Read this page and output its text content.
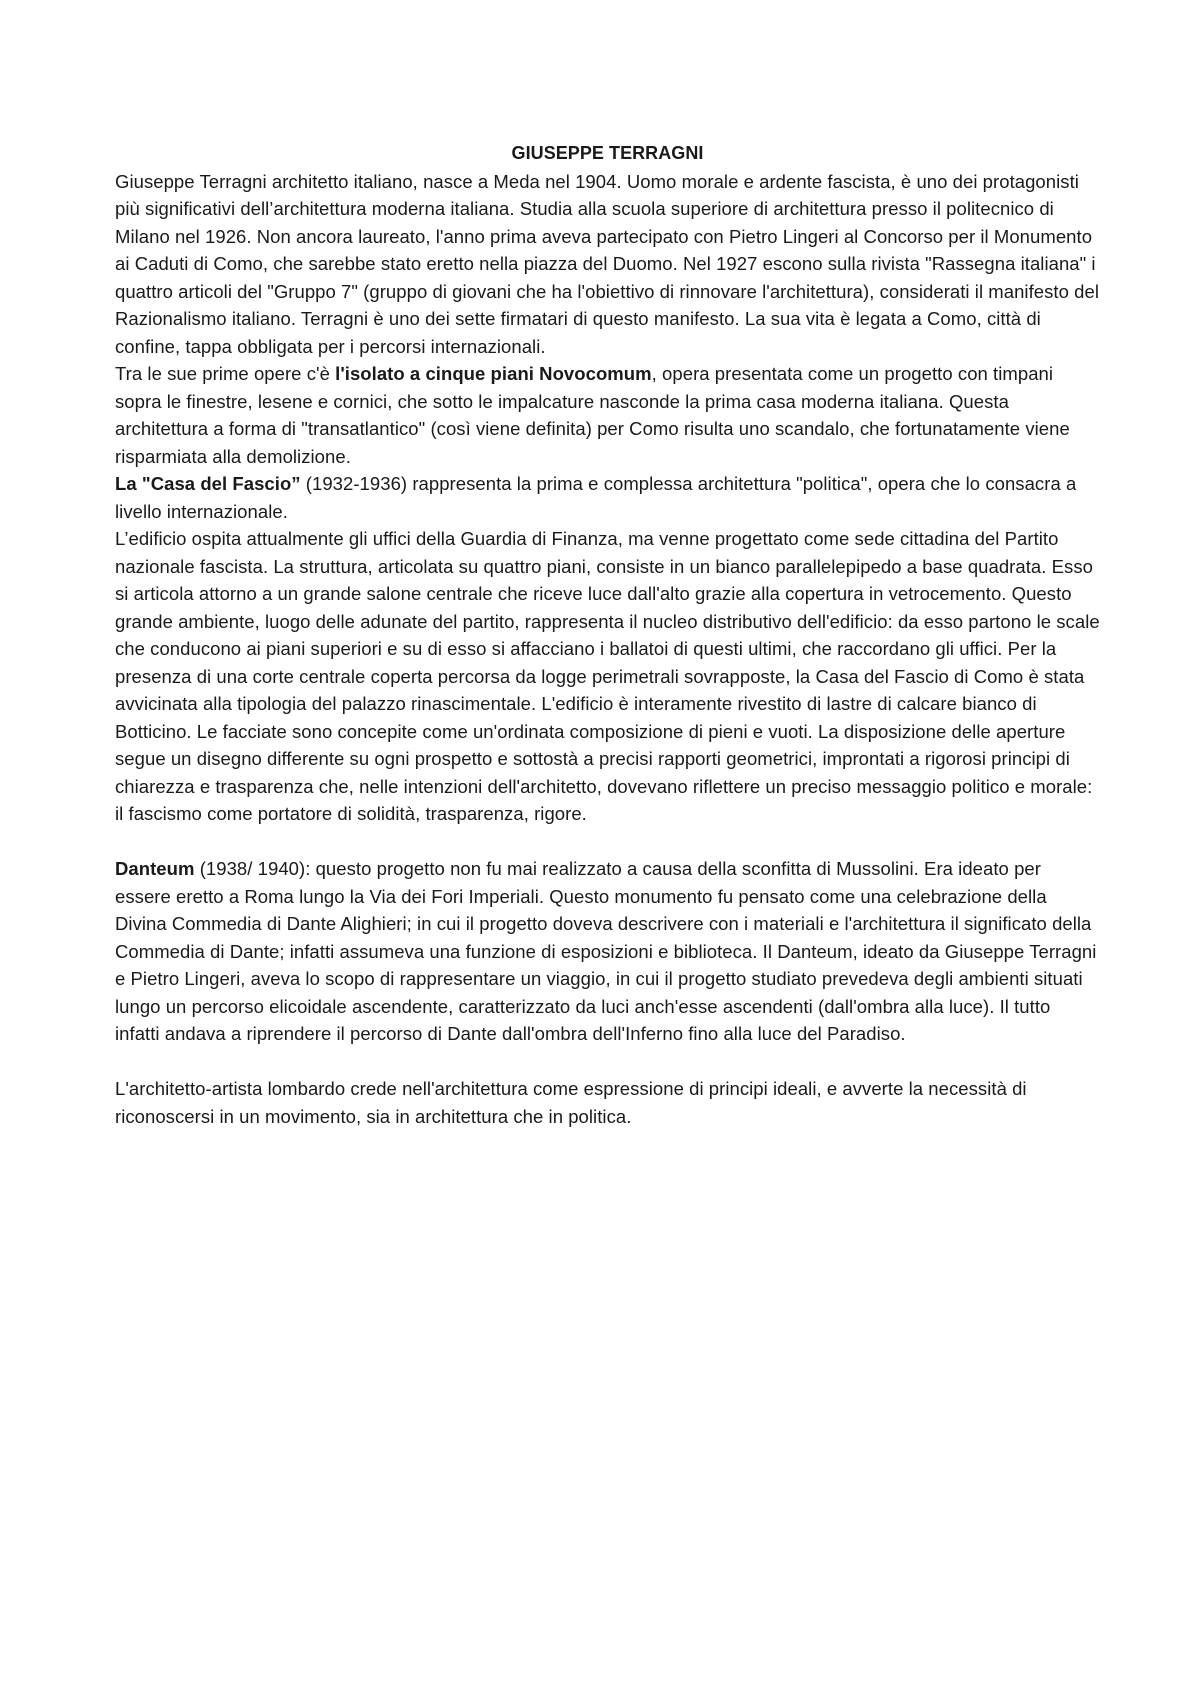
GIUSEPPE TERRAGNI

Giuseppe Terragni architetto italiano, nasce a Meda nel 1904. Uomo morale e ardente fascista, è uno dei protagonisti più significativi dell’architettura moderna italiana. Studia alla scuola superiore di architettura presso il politecnico di Milano nel 1926. Non ancora laureato, l'anno prima aveva partecipato con Pietro Lingeri al Concorso per il Monumento ai Caduti di Como, che sarebbe stato eretto nella piazza del Duomo. Nel 1927 escono sulla rivista "Rassegna italiana" i quattro articoli del "Gruppo 7" (gruppo di giovani che ha l'obiettivo di rinnovare l'architettura), considerati il manifesto del Razionalismo italiano. Terragni è uno dei sette firmatari di questo manifesto. La sua vita è legata a Como, città di confine, tappa obbligata per i percorsi internazionali.

Tra le sue prime opere c'è l'isolato a cinque piani Novocomum, opera presentata come un progetto con timpani sopra le finestre, lesene e cornici, che sotto le impalcature nasconde la prima casa moderna italiana. Questa architettura a forma di "transatlantico" (così viene definita) per Como risulta uno scandalo, che fortunatamente viene risparmiata alla demolizione.

La "Casa del Fascio” (1932-1936) rappresenta la prima e complessa architettura "politica", opera che lo consacra a livello internazionale.

L’edificio ospita attualmente gli uffici della Guardia di Finanza, ma venne progettato come sede cittadina del Partito nazionale fascista. La struttura, articolata su quattro piani, consiste in un bianco parallelepipedo a base quadrata. Esso si articola attorno a un grande salone centrale che riceve luce dall'alto grazie alla copertura in vetrocemento. Questo grande ambiente, luogo delle adunate del partito, rappresenta il nucleo distributivo dell'edificio: da esso partono le scale che conducono ai piani superiori e su di esso si affacciano i ballatoi di questi ultimi, che raccordano gli uffici. Per la presenza di una corte centrale coperta percorsa da logge perimetrali sovrapposte, la Casa del Fascio di Como è stata avvicinata alla tipologia del palazzo rinascimentale. L'edificio è interamente rivestito di lastre di calcare bianco di Botticino. Le facciate sono concepite come un'ordinata composizione di pieni e vuoti. La disposizione delle aperture segue un disegno differente su ogni prospetto e sottostà a precisi rapporti geometrici, improntati a rigorosi principi di chiarezza e trasparenza che, nelle intenzioni dell'architetto, dovevano riflettere un preciso messaggio politico e morale: il fascismo come portatore di solidità, trasparenza, rigore.

Danteum (1938/ 1940): questo progetto non fu mai realizzato a causa della sconfitta di Mussolini. Era ideato per essere eretto a Roma lungo la Via dei Fori Imperiali. Questo monumento fu pensato come una celebrazione della Divina Commedia di Dante Alighieri; in cui il progetto doveva descrivere con i materiali e l'architettura il significato della Commedia di Dante; infatti assumeva una funzione di esposizioni e biblioteca. Il Danteum, ideato da Giuseppe Terragni e Pietro Lingeri, aveva lo scopo di rappresentare un viaggio, in cui il progetto studiato prevedeva degli ambienti situati lungo un percorso elicoidale ascendente, caratterizzato da luci anch'esse ascendenti (dall'ombra alla luce). Il tutto infatti andava a riprendere il percorso di Dante dall'ombra dell'Inferno fino alla luce del Paradiso.

L'architetto-artista lombardo crede nell'architettura come espressione di principi ideali, e avverte la necessità di riconoscersi in un movimento, sia in architettura che in politica.
